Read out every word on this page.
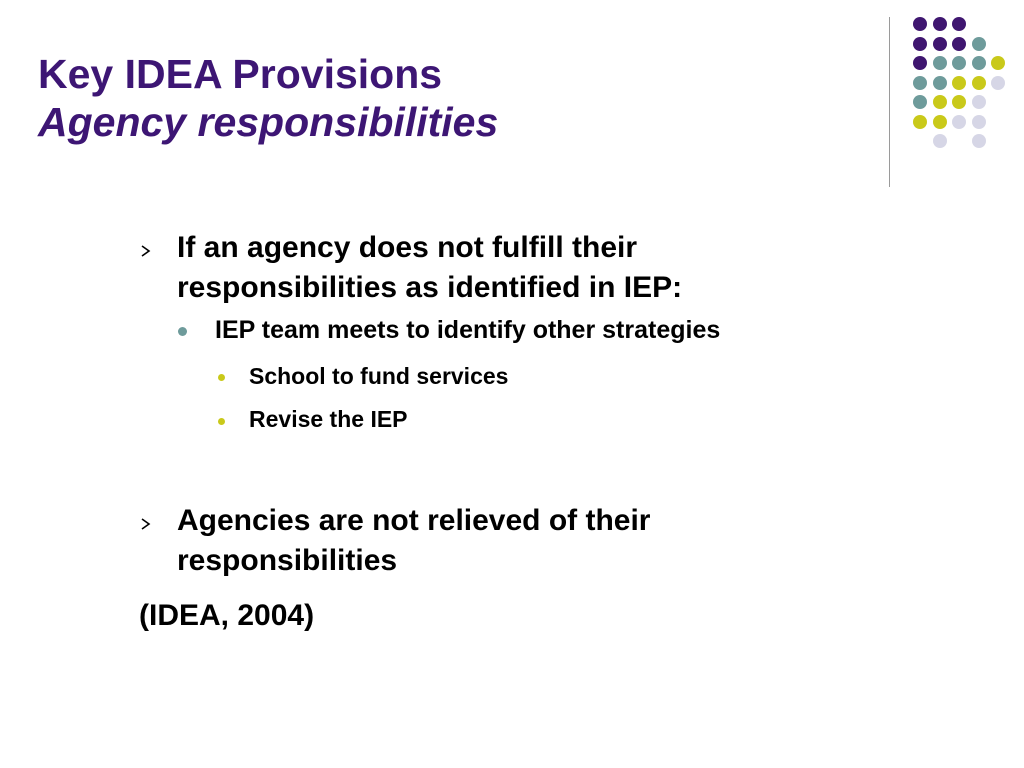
Key IDEA Provisions
Agency responsibilities
If an agency does not fulfill their responsibilities as identified in IEP:
IEP team meets to identify other strategies
School to fund services
Revise the IEP
Agencies are not relieved of their responsibilities
(IDEA, 2004)
